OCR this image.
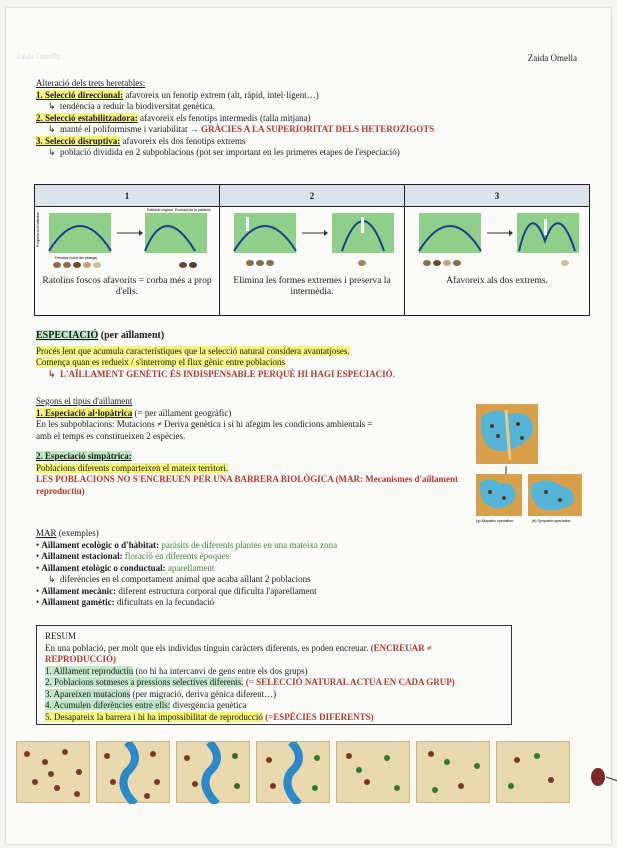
Zaida Omella	Zaida Omella
Alteració dels trets heretables:
1. Selecció direccional: afavoreix un fenotip extrem (alt, ràpid, intel·ligent…)
↳ tendència a reduir la biodiversitat genètica.
2. Selecció estabilitzadora: afavoreix els fenotips intermedis (talla mitjana)
↳ manté el poliformisme i variabilitat → GRÀCIES A LA SUPERIORITAT DELS HETEROZIGOTS
3. Selecció disruptiva: afavoreix els dos fenotips extrems
↳ població dividida en 2 subpoblacions (pot ser important en les primeres etapes de l'especiació)
1
Població original Evolució de la població
Fenotips (color del pelatge)
Freqüència d'individus
Ratolins foscos afavorits = corba més a prop d'ells.
2
Elimina les formes extremes i preserva la intermèdia.
3
Afavoreix als dos extrems.
ESPECIACIÓ (per aïllament)
Procés lent que acumula característiques que la selecció natural considera avantatjoses.
Comença quan es redueix / s'interromp el flux gènic entre poblacions
↳ L'AÏLLAMENT GENÈTIC ÉS INDISPENSABLE PERQUÈ HI HAGI ESPECIACIÓ.
Segons el tipus d'aïllament
1. Especiació al·lopàtrica (= per aïllament geogràfic)
En les subpoblacions: Mutacions ≠ Deriva genètica i si hi afegim les condicions ambientals =
amb el temps es constitueixen 2 espècies.
2. Especiació simpàtrica:
Poblacions diferents comparteixen el mateix territori.
LES POBLACIONS NO S'ENCREUEN PER UNA BARRERA BIOLÒGICA (MAR: Mecanismes d'aïllament reproductiu)
(a) Allopatric speciation	(b) Sympatric speciation
MAR (exemples)
• Aïllament ecològic o d'hàbitat: paràsits de diferents plantes en una mateixa zona
• Aïllament estacional: floració en diferents èpoques
• Aïllament etològic o conductual: aparellament
↳ diferències en el comportament animal que acaba aïllant 2 poblacions
• Aïllament mecànic: diferent estructura corporal que dificulta l'aparellament
• Aïllament gamètic: dificultats en la fecundació
RESUM
En una població, per molt que els individus tinguin caràcters diferents, es poden encreuar. (ENCREUAR ≠ REPRODUCCIÓ)
1. Aïllament reproductiu (no hi ha intercanvi de gens entre els dos grups)
2. Poblacions sotmeses a pressions selectives diferents. (= SELECCIÓ NATURAL ACTUA EN CADA GRUP)
3. Apareixen mutacions (per migració, deriva gènica diferent…)
4. Acumulen diferències entre ells: divergència genètica
5. Desapareix la barrera i hi ha impossibilitat de reproducció (=ESPÈCIES DIFERENTS)
